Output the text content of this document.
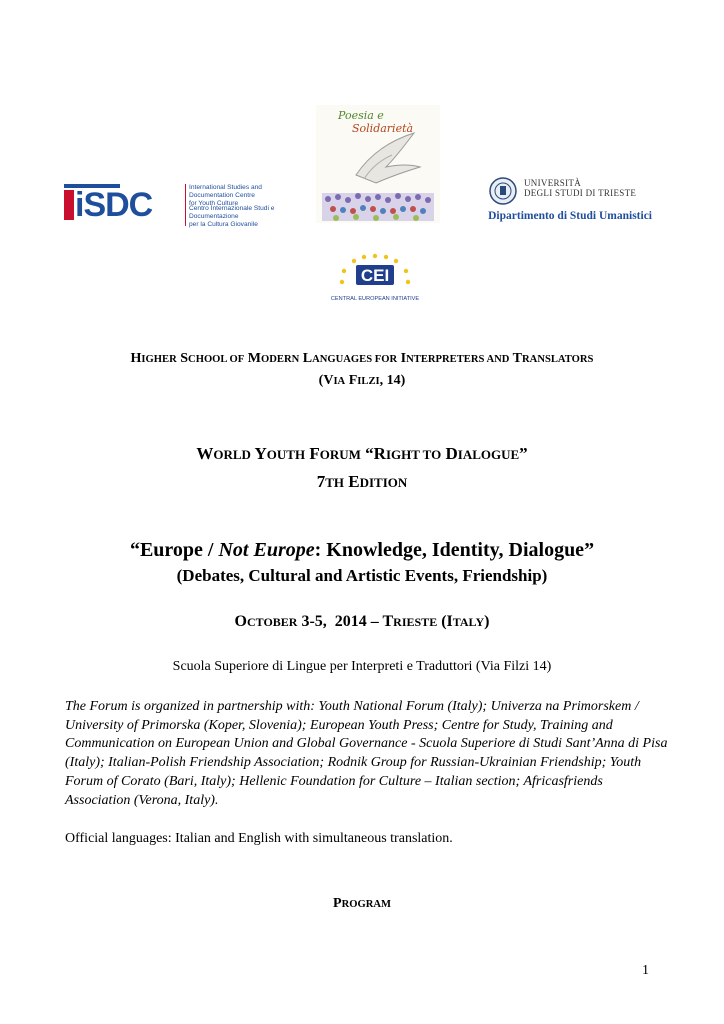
iSDC	International Studies and Documentation Centre
for Youth Culture
Centro Internazionale Studi e Documentazione
per la Cultura Giovanile
Poesia e
Solidarietà
UNIVERSITÀ
DEGLI STUDI DI TRIESTE
Dipartimento di Studi Umanistici
CEI
CENTRAL EUROPEAN INITIATIVE
HIGHER SCHOOL OF MODERN LANGUAGES FOR INTERPRETERS AND TRANSLATORS
(VIA FILZI, 14)
WORLD YOUTH FORUM “RIGHT TO DIALOGUE”
7TH EDITION
“Europe / Not Europe: Knowledge, Identity, Dialogue”
(Debates, Cultural and Artistic Events, Friendship)
OCTOBER 3-5,  2014 – TRIESTE (ITALY)
Scuola Superiore di Lingue per Interpreti e Traduttori (Via Filzi 14)
The Forum is organized in partnership with: Youth National Forum (Italy); Univerza na Primorskem / University of Primorska (Koper, Slovenia); European Youth Press; Centre for Study, Training and Communication on European Union and Global Governance - Scuola Superiore di Studi Sant’Anna di Pisa (Italy); Italian-Polish Friendship Association; Rodnik Group for Russian-Ukrainian Friendship; Youth Forum of Corato (Bari, Italy); Hellenic Foundation for Culture – Italian section; Africasfriends Association (Verona, Italy).
Official languages: Italian and English with simultaneous translation.
PROGRAM
1
